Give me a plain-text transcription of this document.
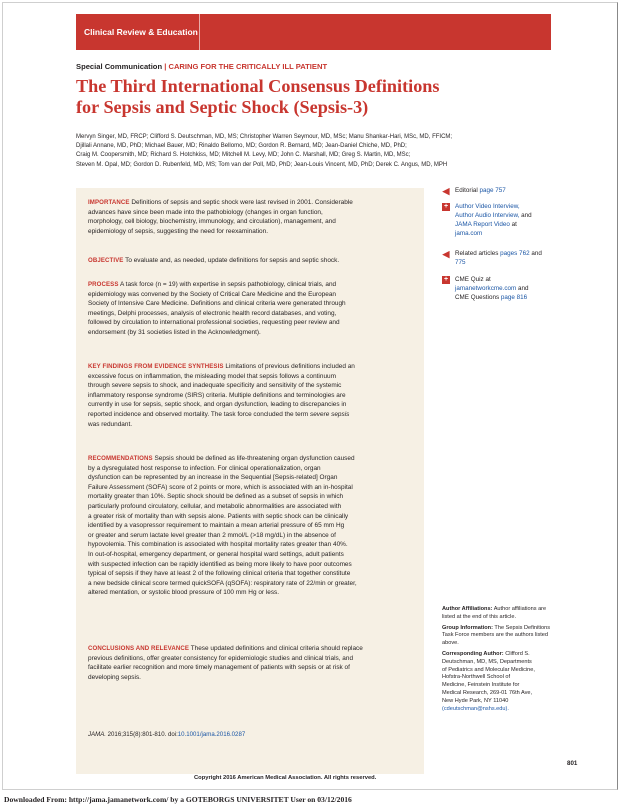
Clinical Review & Education
Special Communication | CARING FOR THE CRITICALLY ILL PATIENT
The Third International Consensus Definitions
for Sepsis and Septic Shock (Sepsis-3)
Mervyn Singer, MD, FRCP; Clifford S. Deutschman, MD, MS; Christopher Warren Seymour, MD, MSc; Manu Shankar-Hari, MSc, MD, FFICM;
Djillali Annane, MD, PhD; Michael Bauer, MD; Rinaldo Bellomo, MD; Gordon R. Bernard, MD; Jean-Daniel Chiche, MD, PhD;
Craig M. Coopersmith, MD; Richard S. Hotchkiss, MD; Mitchell M. Levy, MD; John C. Marshall, MD; Greg S. Martin, MD, MSc;
Steven M. Opal, MD; Gordon D. Rubenfeld, MD, MS; Tom van der Poll, MD, PhD; Jean-Louis Vincent, MD, PhD; Derek C. Angus, MD, MPH
IMPORTANCE Definitions of sepsis and septic shock were last revised in 2001. Considerable
advances have since been made into the pathobiology (changes in organ function,
morphology, cell biology, biochemistry, immunology, and circulation), management, and
epidemiology of sepsis, suggesting the need for reexamination.
OBJECTIVE To evaluate and, as needed, update definitions for sepsis and septic shock.
PROCESS A task force (n = 19) with expertise in sepsis pathobiology, clinical trials, and
epidemiology was convened by the Society of Critical Care Medicine and the European
Society of Intensive Care Medicine. Definitions and clinical criteria were generated through
meetings, Delphi processes, analysis of electronic health record databases, and voting,
followed by circulation to international professional societies, requesting peer review and
endorsement (by 31 societies listed in the Acknowledgment).
KEY FINDINGS FROM EVIDENCE SYNTHESIS Limitations of previous definitions included an
excessive focus on inflammation, the misleading model that sepsis follows a continuum
through severe sepsis to shock, and inadequate specificity and sensitivity of the systemic
inflammatory response syndrome (SIRS) criteria. Multiple definitions and terminologies are
currently in use for sepsis, septic shock, and organ dysfunction, leading to discrepancies in
reported incidence and observed mortality. The task force concluded the term severe sepsis
was redundant.
RECOMMENDATIONS Sepsis should be defined as life-threatening organ dysfunction caused
by a dysregulated host response to infection. For clinical operationalization, organ
dysfunction can be represented by an increase in the Sequential [Sepsis-related] Organ
Failure Assessment (SOFA) score of 2 points or more, which is associated with an in-hospital
mortality greater than 10%. Septic shock should be defined as a subset of sepsis in which
particularly profound circulatory, cellular, and metabolic abnormalities are associated with
a greater risk of mortality than with sepsis alone. Patients with septic shock can be clinically
identified by a vasopressor requirement to maintain a mean arterial pressure of 65 mm Hg
or greater and serum lactate level greater than 2 mmol/L (>18 mg/dL) in the absence of
hypovolemia. This combination is associated with hospital mortality rates greater than 40%.
In out-of-hospital, emergency department, or general hospital ward settings, adult patients
with suspected infection can be rapidly identified as being more likely to have poor outcomes
typical of sepsis if they have at least 2 of the following clinical criteria that together constitute
a new bedside clinical score termed quickSOFA (qSOFA): respiratory rate of 22/min or greater,
altered mentation, or systolic blood pressure of 100 mm Hg or less.
CONCLUSIONS AND RELEVANCE These updated definitions and clinical criteria should replace
previous definitions, offer greater consistency for epidemiologic studies and clinical trials, and
facilitate earlier recognition and more timely management of patients with sepsis or at risk of
developing sepsis.
JAMA. 2016;315(8):801-810. doi:10.1001/jama.2016.0287
Copyright 2016 American Medical Association. All rights reserved.
◀ Editorial page 757
+	Author Video Interview,
Author Audio Interview, and
JAMA Report Video at
jama.com
◀ Related articles pages 762 and
775
+	CME Quiz at
jamanetworkcme.com and
CME Questions page 816

Author Affiliations: Author affiliations are listed at the end of this article.

Group Information: The Sepsis Definitions Task Force members are the authors listed above.

Corresponding Author: Clifford S.
Deutschman, MD, MS, Departments
of Pediatrics and Molecular Medicine,
Hofstra-Northwell School of
Medicine, Feinstein Institute for
Medical Research, 269-01 76th Ave,
New Hyde Park, NY 11040
(cdeutschman@nshs.edu).

801
Downloaded From: http://jama.jamanetwork.com/ by a GOTEBORGS UNIVERSITET User on 03/12/2016
